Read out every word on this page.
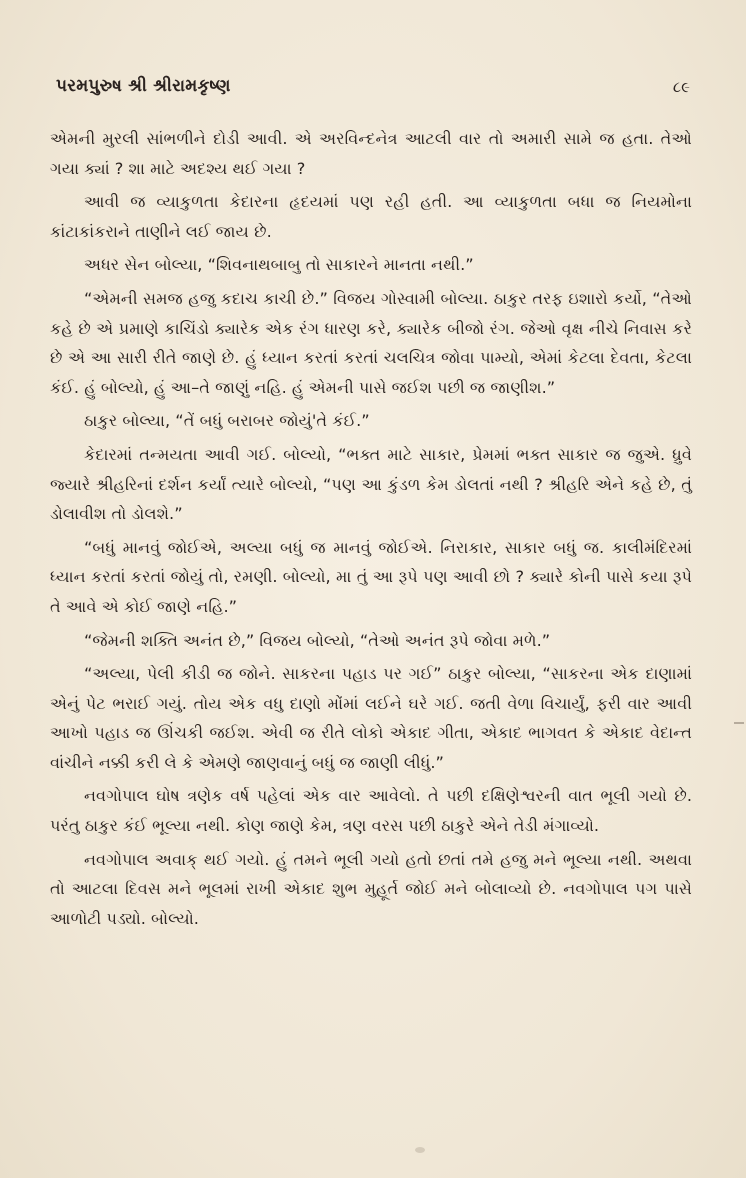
પરમપુરુષ શ્રી શ્રીરામકૃષ્ણ	૮૯

એમની મુરલી સાંભળીને દોડી આવી. એ અરવિન્દનેત્ર આટલી વાર તો અમારી સામે જ હતા. તેઓ ગયા ક્યાં ? શા માટે અદશ્ય થઈ ગયા ?

આવી જ વ્યાકુળતા કેદારના હૃદયમાં પણ રહી હતી. આ વ્યાકુળતા બધા જ નિયમોના કાંટાકાંકરાને તાણીને લઈ જાય છે.

અધર સેન બોલ્યા, “શિવનાથબાબુ તો સાકારને માનતા નથી.”

“એમની સમજ હજુ કદાચ કાચી છે.” વિજય ગોસ્વામી બોલ્યા. ઠાકુર તરફ ઇશારો કર્યો, “તેઓ કહે છે એ પ્રમાણે કાચિંડો ક્યારેક એક રંગ ધારણ કરે, ક્યારેક બીજો રંગ. જેઓ વૃક્ષ નીચે નિવાસ કરે છે એ આ સારી રીતે જાણે છે. હું ધ્યાન કરતાં કરતાં ચલચિત્ર જોવા પામ્યો, એમાં કેટલા દેવતા, કેટલા કંઈ. હું બોલ્યો, હું આ–તે જાણું નહિ. હું એમની પાસે જઈશ પછી જ જાણીશ.”

ઠાકુર બોલ્યા, “તેં બધું બરાબર જોયું'તે કંઈ.”

કેદારમાં તન્મયતા આવી ગઈ. બોલ્યો, “ભક્ત માટે સાકાર, પ્રેમમાં ભક્ત સાકાર જ જુએ. ધ્રુવે જ્યારે શ્રીહરિનાં દર્શન કર્યાં ત્યારે બોલ્યો, “પણ આ કુંડળ કેમ ડોલતાં નથી ? શ્રીહરિ એને કહે છે, તું ડોલાવીશ તો ડોલશે.”

“બધું માનવું જોઈએ, અલ્યા બધું જ માનવું જોઈએ. નિરાકાર, સાકાર બધું જ. કાલીમંદિરમાં ધ્યાન કરતાં કરતાં જોયું તો, રમણી. બોલ્યો, મા તું આ રૂપે પણ આવી છો ? ક્યારે કોની પાસે કયા રૂપે તે આવે એ કોઈ જાણે નહિ.”

“જેમની શક્તિ અનંત છે,” વિજય બોલ્યો, “તેઓ અનંત રૂપે જોવા મળે.”

“અલ્યા, પેલી કીડી જ જોને. સાકરના પહાડ પર ગઈ” ઠાકુર બોલ્યા, “સાકરના એક દાણામાં એનું પેટ ભરાઈ ગયું. તોય એક વધુ દાણો મોંમાં લઈને ઘરે ગઈ. જતી વેળા વિચાર્યું, ફરી વાર આવી આખો પહાડ જ ઊંચકી જઈશ. એવી જ રીતે લોકો એકાદ ગીતા, એકાદ ભાગવત કે એકાદ વેદાન્ત વાંચીને નક્કી કરી લે કે એમણે જાણવાનું બધું જ જાણી લીધું.”

નવગોપાલ ઘોષ ત્રણેક વર્ષ પહેલાં એક વાર આવેલો. તે પછી દક્ષિણેશ્વરની વાત ભૂલી ગયો છે. પરંતુ ઠાકુર કંઈ ભૂલ્યા નથી. કોણ જાણે કેમ, ત્રણ વરસ પછી ઠાકુરે એને તેડી મંગાવ્યો.

નવગોપાલ અવાક્ થઈ ગયો. હું તમને ભૂલી ગયો હતો છતાં તમે હજુ મને ભૂલ્યા નથી. અથવા તો આટલા દિવસ મને ભૂલમાં રાખી એકાદ શુભ મુહૂર્ત જોઈ મને બોલાવ્યો છે. નવગોપાલ પગ પાસે આળોટી પડ્યો. બોલ્યો.
